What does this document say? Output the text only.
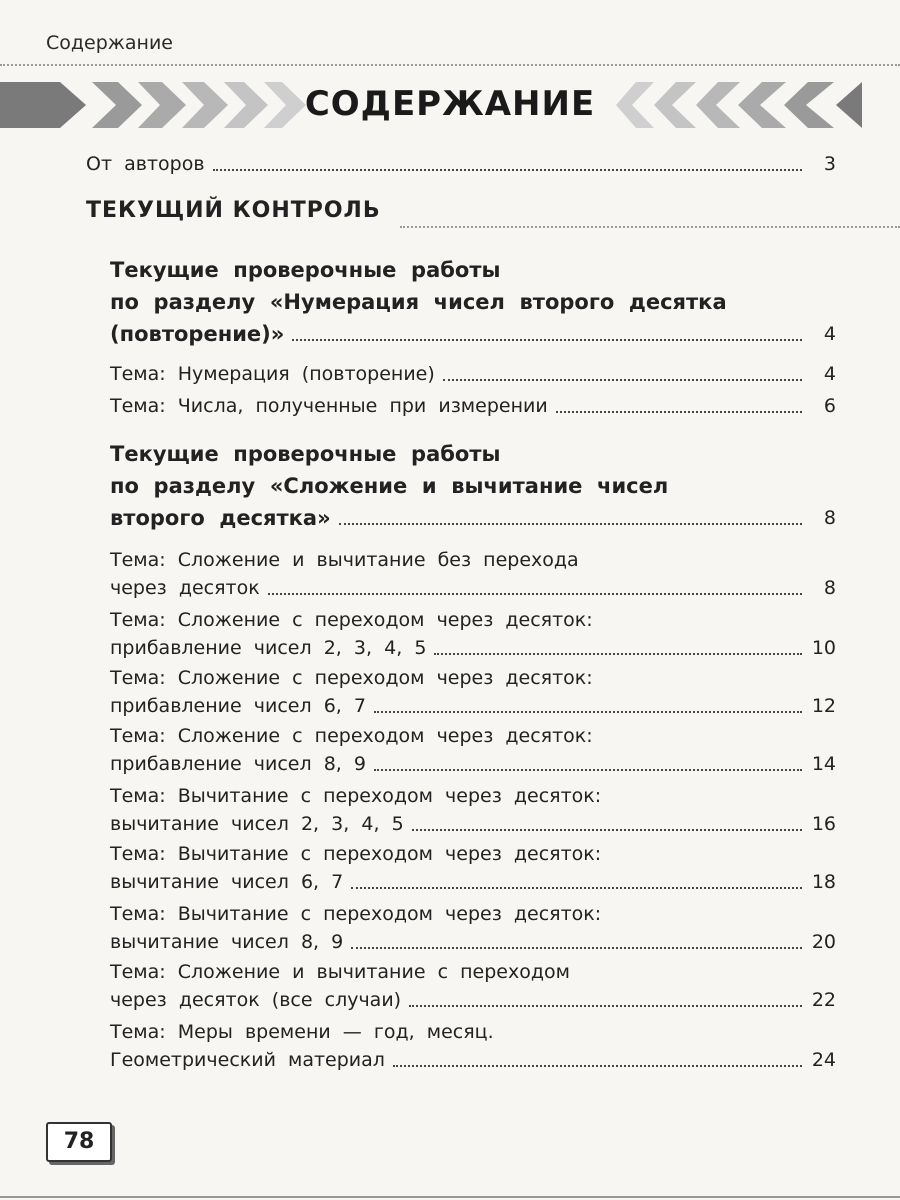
Содержание
СОДЕРЖАНИЕ
От  авторов	3
ТЕКУЩИЙ КОНТРОЛЬ
Текущие  проверочные  работы
по  разделу  «Нумерация  чисел  второго  десятка
(повторение)»	4
Тема:  Нумерация  (повторение)	4
Тема:  Числа,  полученные  при  измерении	6
Текущие  проверочные  работы
по  разделу  «Сложение  и  вычитание  чисел
второго  десятка»	8
Тема:  Сложение  и  вычитание  без  перехода
через  десяток	8
Тема:  Сложение  с  переходом  через  десяток:
прибавление  чисел  2,  3,  4,  5	10
Тема:  Сложение  с  переходом  через  десяток:
прибавление  чисел  6,  7	12
Тема:  Сложение  с  переходом  через  десяток:
прибавление  чисел  8,  9	14
Тема:  Вычитание  с  переходом  через  десяток:
вычитание  чисел  2,  3,  4,  5	16
Тема:  Вычитание  с  переходом  через  десяток:
вычитание  чисел  6,  7	18
Тема:  Вычитание  с  переходом  через  десяток:
вычитание  чисел  8,  9	20
Тема:  Сложение  и  вычитание  с  переходом
через  десяток  (все  случаи)	22
Тема:  Меры  времени  —  год,  месяц.
Геометрический  материал	24
78
